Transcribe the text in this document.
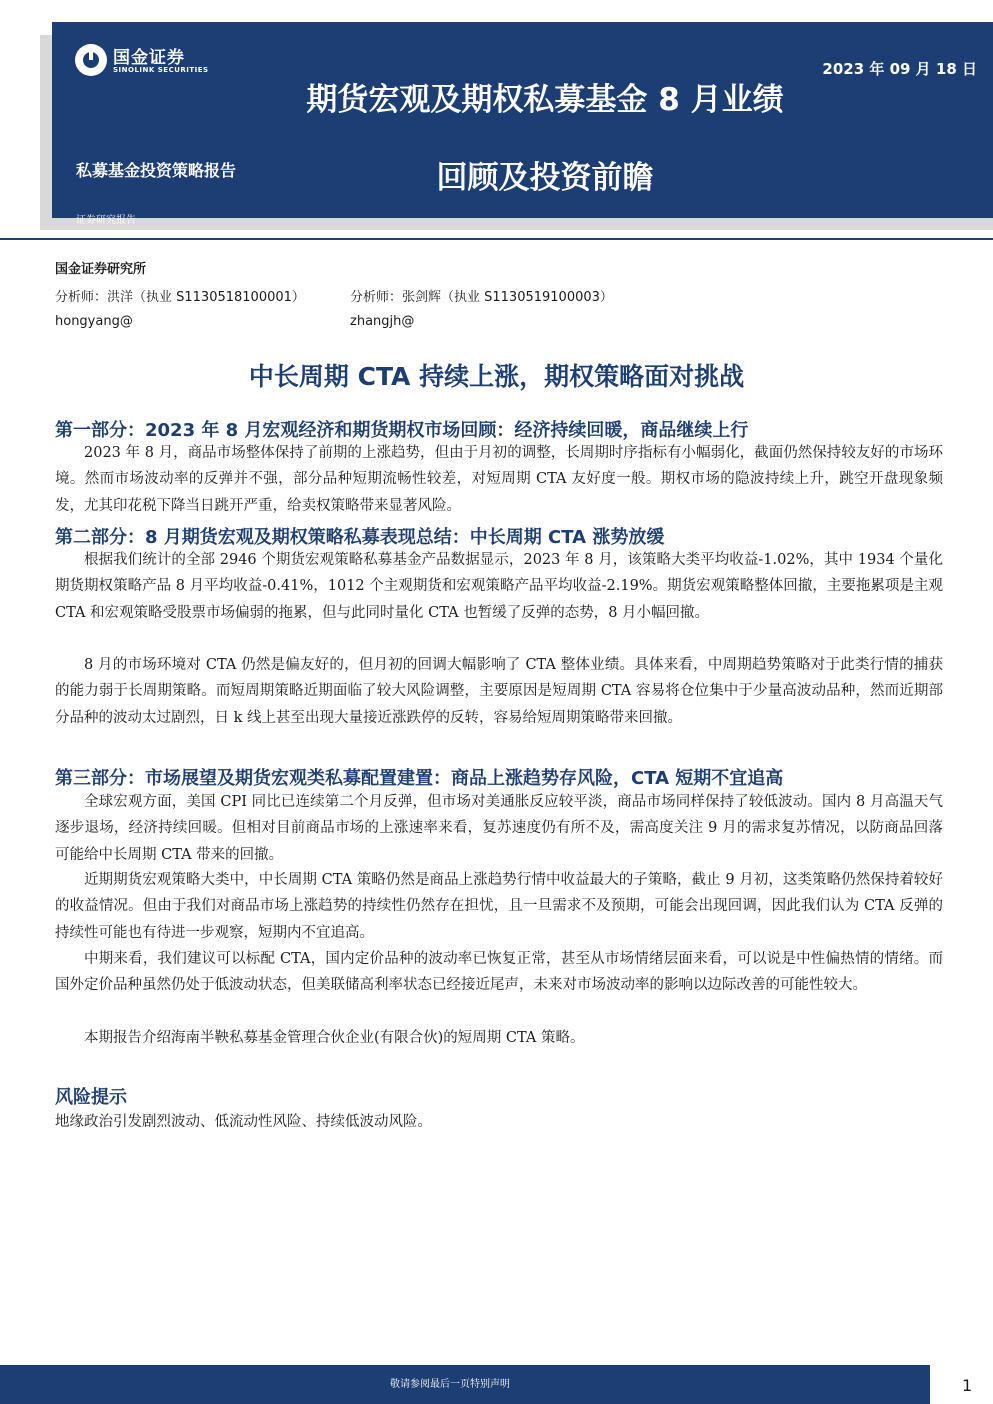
国金证券
SINOLINK SECURITIES	2023 年 09 月 18 日
期货宏观及期权私募基金 8 月业绩
回顾及投资前瞻
私募基金投资策略报告
证券研究报告
国金证券研究所
分析师：洪洋（执业 S1130518100001）
hongyang@
分析师：张剑辉（执业 S1130519100003）
zhangjh@
中长周期 CTA 持续上涨，期权策略面对挑战
第一部分：2023 年 8 月宏观经济和期货期权市场回顾：经济持续回暖，商品继续上行

2023 年 8 月，商品市场整体保持了前期的上涨趋势，但由于月初的调整，长周期时序指标有小幅弱化，截面仍然保持较友好的市场环境。然而市场波动率的反弹并不强，部分品种短期流畅性较差，对短周期 CTA 友好度一般。期权市场的隐波持续上升，跳空开盘现象频发，尤其印花税下降当日跳开严重，给卖权策略带来显著风险。

第二部分：8 月期货宏观及期权策略私募表现总结：中长周期 CTA 涨势放缓

根据我们统计的全部 2946 个期货宏观策略私募基金产品数据显示，2023 年 8 月，该策略大类平均收益-1.02%，其中 1934 个量化期货期权策略产品 8 月平均收益-0.41%，1012 个主观期货和宏观策略产品平均收益-2.19%。期货宏观策略整体回撤，主要拖累项是主观 CTA 和宏观策略受股票市场偏弱的拖累，但与此同时量化 CTA 也暂缓了反弹的态势，8 月小幅回撤。

8 月的市场环境对 CTA 仍然是偏友好的，但月初的回调大幅影响了 CTA 整体业绩。具体来看，中周期趋势策略对于此类行情的捕获的能力弱于长周期策略。而短周期策略近期面临了较大风险调整，主要原因是短周期 CTA 容易将仓位集中于少量高波动品种，然而近期部分品种的波动太过剧烈，日 k 线上甚至出现大量接近涨跌停的反转，容易给短周期策略带来回撤。

第三部分：市场展望及期货宏观类私募配置建置：商品上涨趋势存风险，CTA 短期不宜追高

全球宏观方面，美国 CPI 同比已连续第二个月反弹，但市场对美通胀反应较平淡，商品市场同样保持了较低波动。国内 8 月高温天气逐步退场，经济持续回暖。但相对目前商品市场的上涨速率来看，复苏速度仍有所不及，需高度关注 9 月的需求复苏情况，以防商品回落可能给中长周期 CTA 带来的回撤。

近期期货宏观策略大类中，中长周期 CTA 策略仍然是商品上涨趋势行情中收益最大的子策略，截止 9 月初，这类策略仍然保持着较好的收益情况。但由于我们对商品市场上涨趋势的持续性仍然存在担忧，且一旦需求不及预期，可能会出现回调，因此我们认为 CTA 反弹的持续性可能也有待进一步观察，短期内不宜追高。

中期来看，我们建议可以标配 CTA，国内定价品种的波动率已恢复正常，甚至从市场情绪层面来看，可以说是中性偏热情的情绪。而国外定价品种虽然仍处于低波动状态，但美联储高利率状态已经接近尾声，未来对市场波动率的影响以边际改善的可能性较大。

本期报告介绍海南半鞅私募基金管理合伙企业(有限合伙)的短周期 CTA 策略。

风险提示
地缘政治引发剧烈波动、低流动性风险、持续低波动风险。
敬请参阅最后一页特别声明	1
